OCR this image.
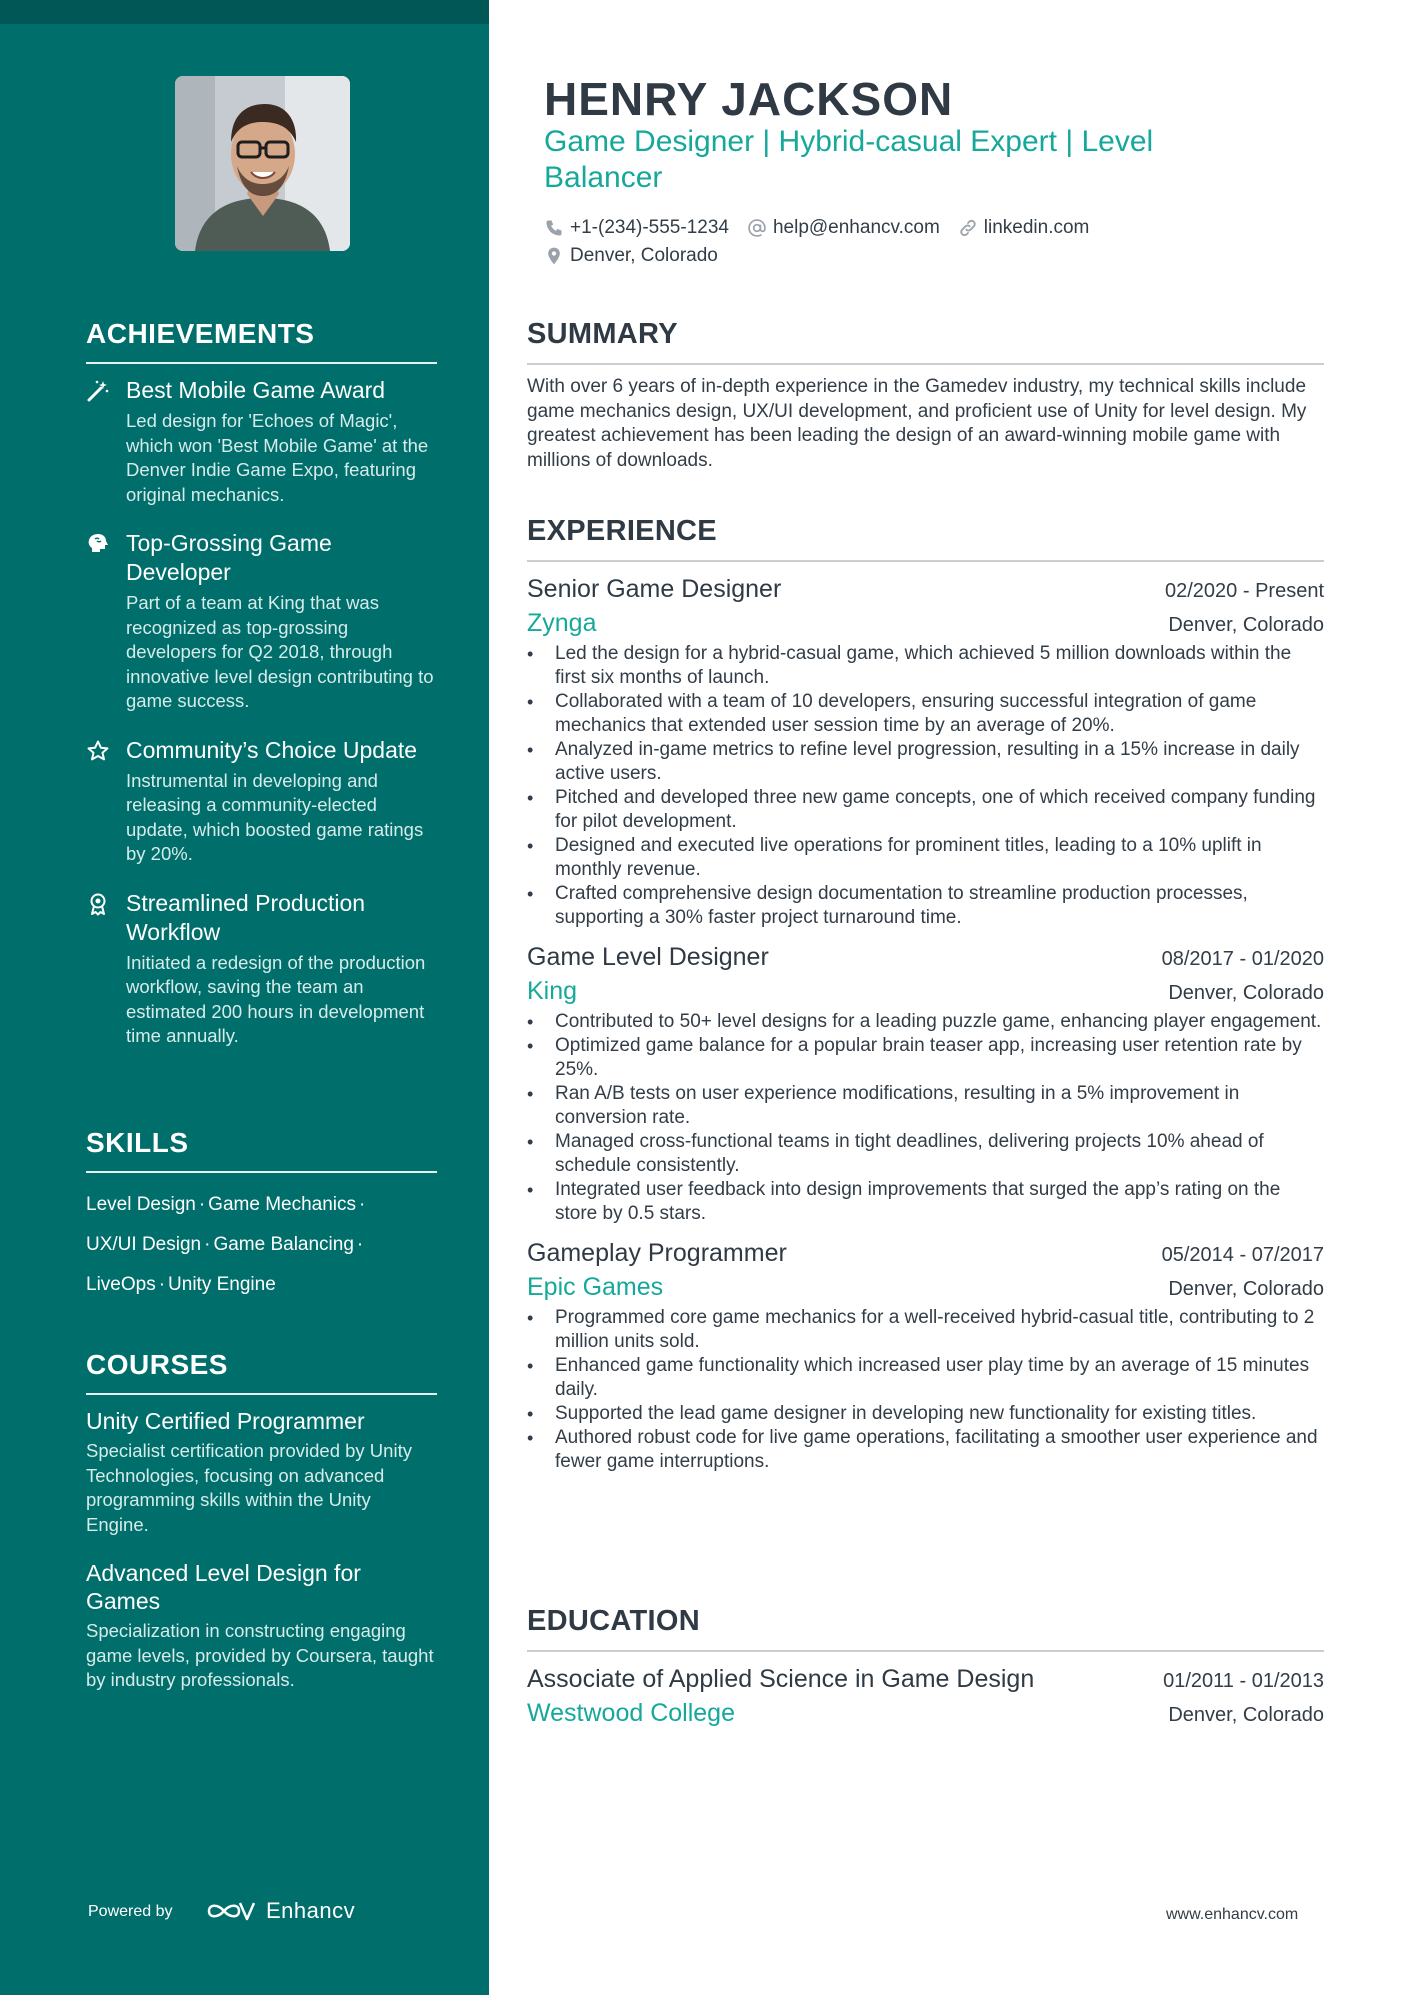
ACHIEVEMENTS
Best Mobile Game Award
Led design for 'Echoes of Magic', which won 'Best Mobile Game' at the Denver Indie Game Expo, featuring original mechanics.
Top-Grossing Game Developer
Part of a team at King that was recognized as top-grossing developers for Q2 2018, through innovative level design contributing to game success.
Community’s Choice Update
Instrumental in developing and releasing a community-elected update, which boosted game ratings by 20%.
Streamlined Production Workflow
Initiated a redesign of the production workflow, saving the team an estimated 200 hours in development time annually.
SKILLS
Level Design · Game Mechanics ·
UX/UI Design · Game Balancing ·
LiveOps · Unity Engine
COURSES
Unity Certified Programmer
Specialist certification provided by Unity Technologies, focusing on advanced programming skills within the Unity Engine.
Advanced Level Design for Games
Specialization in constructing engaging game levels, provided by Coursera, taught by industry professionals.
Powered by	Enhancv
HENRY JACKSON
Game Designer | Hybrid-casual Expert | Level Balancer
+1-(234)-555-1234 help@enhancv.com linkedin.com
Denver, Colorado
SUMMARY

With over 6 years of in-depth experience in the Gamedev industry, my technical skills include game mechanics design, UX/UI development, and proficient use of Unity for level design. My greatest achievement has been leading the design of an award-winning mobile game with millions of downloads.

EXPERIENCE
Senior Game Designer	02/2020 - Present
Zynga	Denver, Colorado
• Led the design for a hybrid-casual game, which achieved 5 million downloads within the first six months of launch.
• Collaborated with a team of 10 developers, ensuring successful integration of game mechanics that extended user session time by an average of 20%.
• Analyzed in-game metrics to refine level progression, resulting in a 15% increase in daily active users.
• Pitched and developed three new game concepts, one of which received company funding for pilot development.
• Designed and executed live operations for prominent titles, leading to a 10% uplift in monthly revenue.
• Crafted comprehensive design documentation to streamline production processes, supporting a 30% faster project turnaround time.
Game Level Designer	08/2017 - 01/2020
King	Denver, Colorado
• Contributed to 50+ level designs for a leading puzzle game, enhancing player engagement.
• Optimized game balance for a popular brain teaser app, increasing user retention rate by 25%.
• Ran A/B tests on user experience modifications, resulting in a 5% improvement in conversion rate.
• Managed cross-functional teams in tight deadlines, delivering projects 10% ahead of schedule consistently.
• Integrated user feedback into design improvements that surged the app’s rating on the store by 0.5 stars.
Gameplay Programmer	05/2014 - 07/2017
Epic Games	Denver, Colorado
• Programmed core game mechanics for a well-received hybrid-casual title, contributing to 2 million units sold.
• Enhanced game functionality which increased user play time by an average of 15 minutes daily.
• Supported the lead game designer in developing new functionality for existing titles.
• Authored robust code for live game operations, facilitating a smoother user experience and fewer game interruptions.
EDUCATION
Associate of Applied Science in Game Design	01/2011 - 01/2013
Westwood College	Denver, Colorado
www.enhancv.com
